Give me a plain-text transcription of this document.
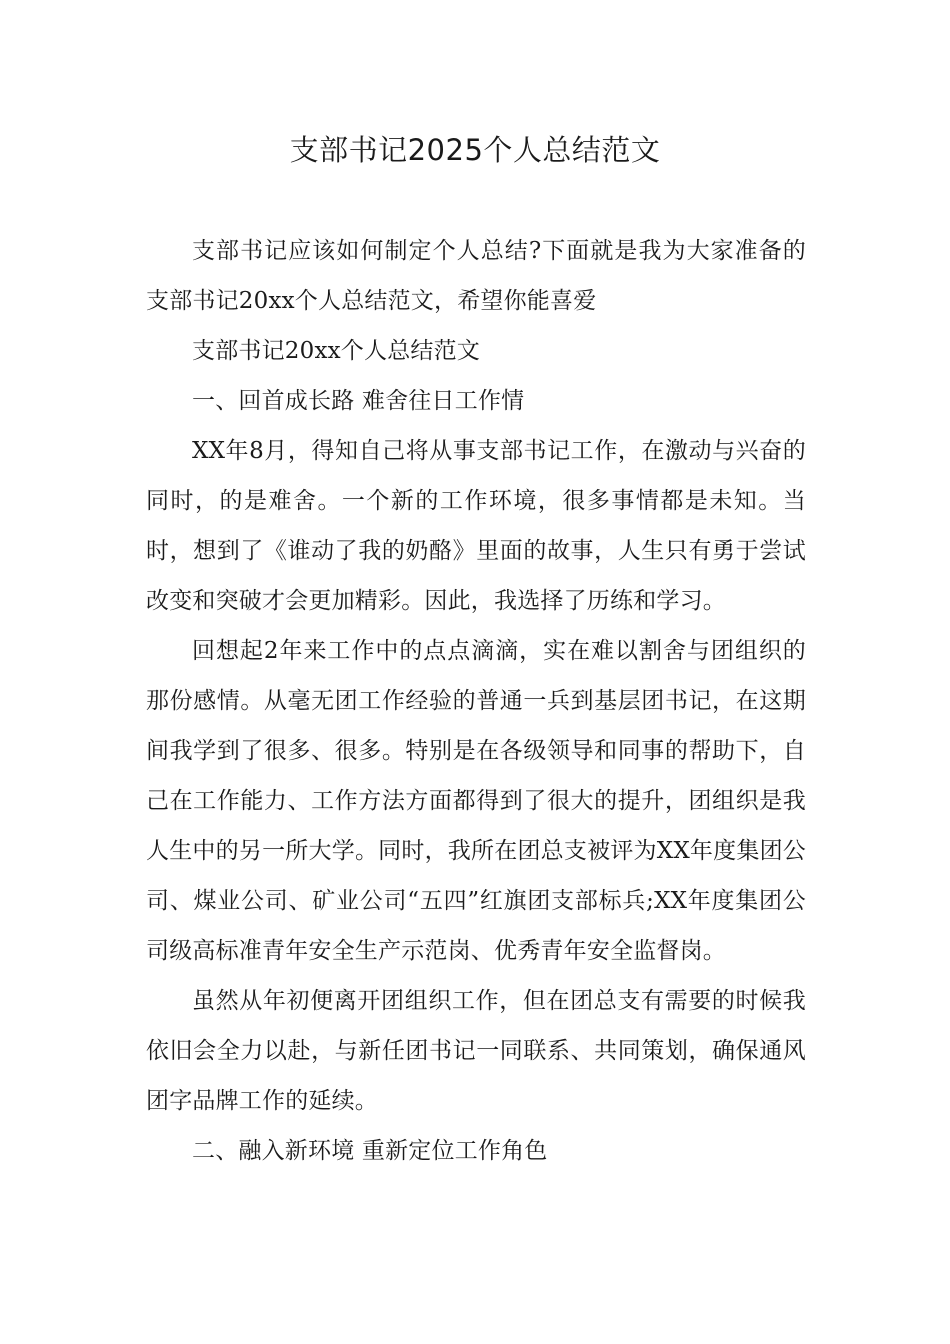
支部书记2025个人总结范文

支部书记应该如何制定个人总结?下面就是我为大家准备的支部书记20xx个人总结范文，希望你能喜爱

支部书记20xx个人总结范文

一、回首成长路 难舍往日工作情

XX年8月，得知自己将从事支部书记工作，在激动与兴奋的同时，的是难舍。一个新的工作环境，很多事情都是未知。当时，想到了《谁动了我的奶酪》里面的故事，人生只有勇于尝试改变和突破才会更加精彩。因此，我选择了历练和学习。

回想起2年来工作中的点点滴滴，实在难以割舍与团组织的那份感情。从毫无团工作经验的普通一兵到基层团书记，在这期间我学到了很多、很多。特别是在各级领导和同事的帮助下，自己在工作能力、工作方法方面都得到了很大的提升，团组织是我人生中的另一所大学。同时，我所在团总支被评为XX年度集团公司、煤业公司、矿业公司“五四”红旗团支部标兵;XX年度集团公司级高标准青年安全生产示范岗、优秀青年安全监督岗。

虽然从年初便离开团组织工作，但在团总支有需要的时候我依旧会全力以赴，与新任团书记一同联系、共同策划，确保通风团字品牌工作的延续。

二、融入新环境 重新定位工作角色
